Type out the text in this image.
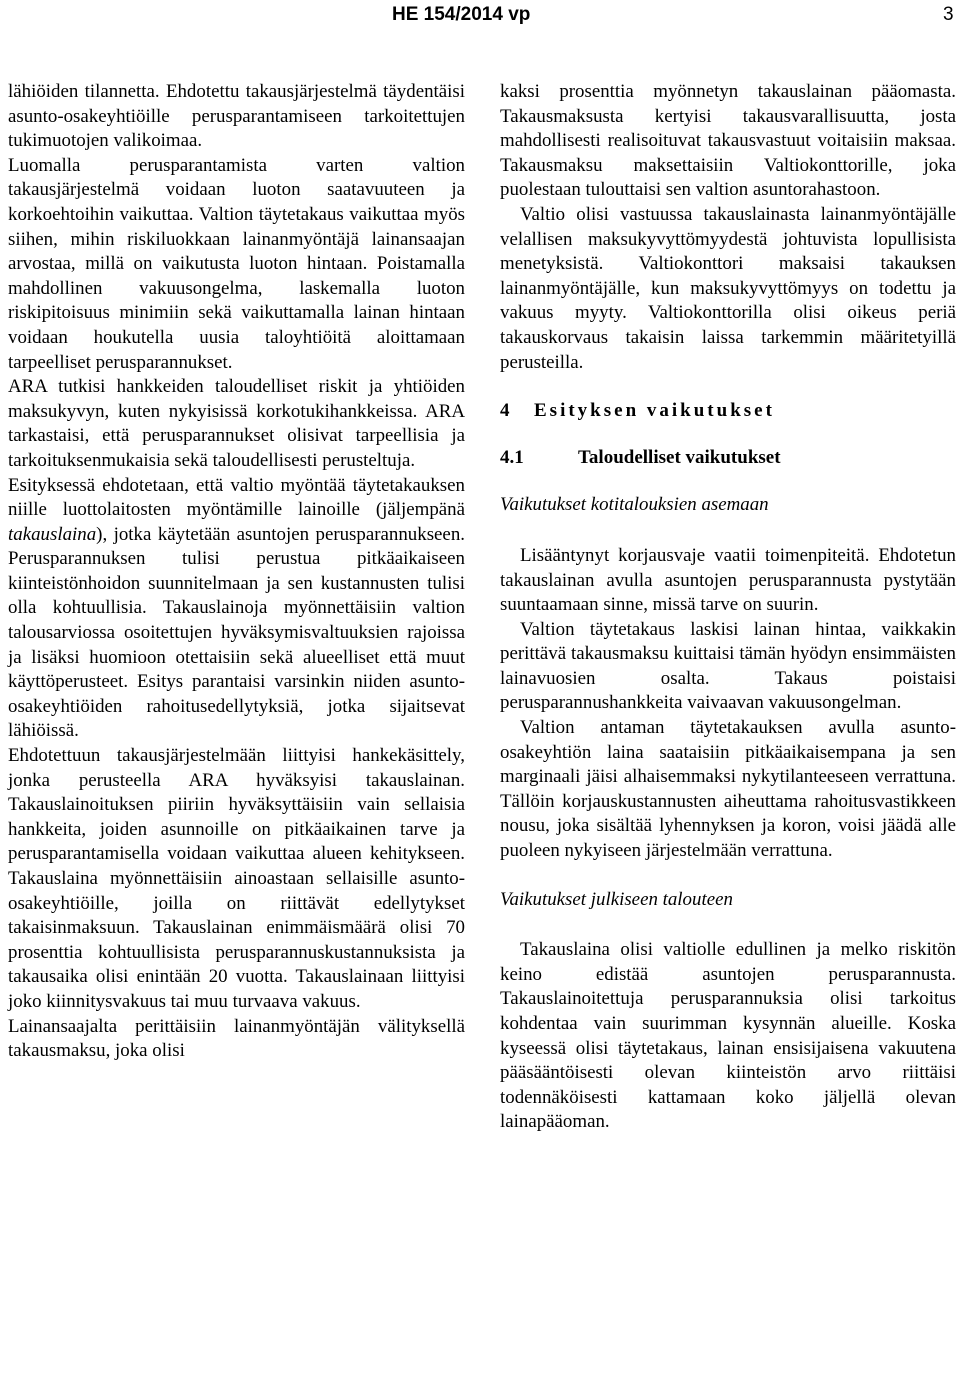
HE 154/2014 vp	3

lähiöiden tilannetta. Ehdotettu takausjärjestelmä täydentäisi asunto-osakeyhtiöille perusparantamiseen tarkoitettujen tukimuotojen valikoimaa.

Luomalla perusparantamista varten valtion takausjärjestelmä voidaan luoton saatavuuteen ja korkoehtoihin vaikuttaa. Valtion täytetakaus vaikuttaa myös siihen, mihin riskiluokkaan lainanmyöntäjä lainansaajan arvostaa, millä on vaikutusta luoton hintaan. Poistamalla mahdollinen vakuusongelma, laskemalla luoton riskipitoisuus minimiin sekä vaikuttamalla lainan hintaan voidaan houkutella uusia taloyhtiöitä aloittamaan tarpeelliset perusparannukset.

ARA tutkisi hankkeiden taloudelliset riskit ja yhtiöiden maksukyvyn, kuten nykyisissä korkotukihankkeissa. ARA tarkastaisi, että perusparannukset olisivat tarpeellisia ja tarkoituksenmukaisia sekä taloudellisesti perusteltuja.

Esityksessä ehdotetaan, että valtio myöntää täytetakauksen niille luottolaitosten myöntämille lainoille (jäljempänä takauslaina), jotka käytetään asuntojen perusparannukseen. Perusparannuksen tulisi perustua pitkäaikaiseen kiinteistönhoidon suunnitelmaan ja sen kustannusten tulisi olla kohtuullisia. Takauslainoja myönnettäisiin valtion talousarviossa osoitettujen hyväksymisvaltuuksien rajoissa ja lisäksi huomioon otettaisiin sekä alueelliset että muut käyttöperusteet. Esitys parantaisi varsinkin niiden asunto-osakeyhtiöiden rahoitusedellytyksiä, jotka sijaitsevat lähiöissä.

Ehdotettuun takausjärjestelmään liittyisi hankekäsittely, jonka perusteella ARA hyväksyisi takauslainan. Takauslainoituksen piiriin hyväksyttäisiin vain sellaisia hankkeita, joiden asunnoille on pitkäaikainen tarve ja perusparantamisella voidaan vaikuttaa alueen kehitykseen. Takauslaina myönnettäisiin ainoastaan sellaisille asunto-osakeyhtiöille, joilla on riittävät edellytykset takaisinmaksuun. Takauslainan enimmäismäärä olisi 70 prosenttia kohtuullisista perusparannuskustannuksista ja takausaika olisi enintään 20 vuotta. Takauslainaan liittyisi joko kiinnitysvakuus tai muu turvaava vakuus.

Lainansaajalta perittäisiin lainanmyöntäjän välityksellä takausmaksu, joka olisi

kaksi prosenttia myönnetyn takauslainan pääomasta. Takausmaksusta kertyisi takausvarallisuutta, josta mahdollisesti realisoituvat takausvastuut voitaisiin maksaa. Takausmaksu maksettaisiin Valtiokonttorille, joka puolestaan tulouttaisi sen valtion asuntorahastoon.

Valtio olisi vastuussa takauslainasta lainanmyöntäjälle velallisen maksukyvyttömyydestä johtuvista lopullisista menetyksistä. Valtiokonttori maksaisi takauksen lainanmyöntäjälle, kun maksukyvyttömyys on todettu ja vakuus myyty. Valtiokonttorilla olisi oikeus periä takauskorvaus takaisin laissa tarkemmin määritetyillä perusteilla.

4 Esityksen vaikutukset
4.1	Taloudelliset vaikutukset
Vaikutukset kotitalouksien asemaan

Lisääntynyt korjausvaje vaatii toimenpiteitä. Ehdotetun takauslainan avulla asuntojen perusparannusta pystytään suuntaamaan sinne, missä tarve on suurin.

Valtion täytetakaus laskisi lainan hintaa, vaikkakin perittävä takausmaksu kuittaisi tämän hyödyn ensimmäisten lainavuosien osalta. Takaus poistaisi perusparannushankkeita vaivaavan vakuusongelman.

Valtion antaman täytetakauksen avulla asunto-osakeyhtiön laina saataisiin pitkäaikaisempana ja sen marginaali jäisi alhaisemmaksi nykytilanteeseen verrattuna. Tällöin korjauskustannusten aiheuttama rahoitusvastikkeen nousu, joka sisältää lyhennyksen ja koron, voisi jäädä alle puoleen nykyiseen järjestelmään verrattuna.

Vaikutukset julkiseen talouteen

Takauslaina olisi valtiolle edullinen ja melko riskitön keino edistää asuntojen perusparannusta. Takauslainoitettuja perusparannuksia olisi tarkoitus kohdentaa vain suurimman kysynnän alueille. Koska kyseessä olisi täytetakaus, lainan ensisijaisena vakuutena pääsääntöisesti olevan kiinteistön arvo riittäisi todennäköisesti kattamaan koko jäljellä olevan lainapääoman.
